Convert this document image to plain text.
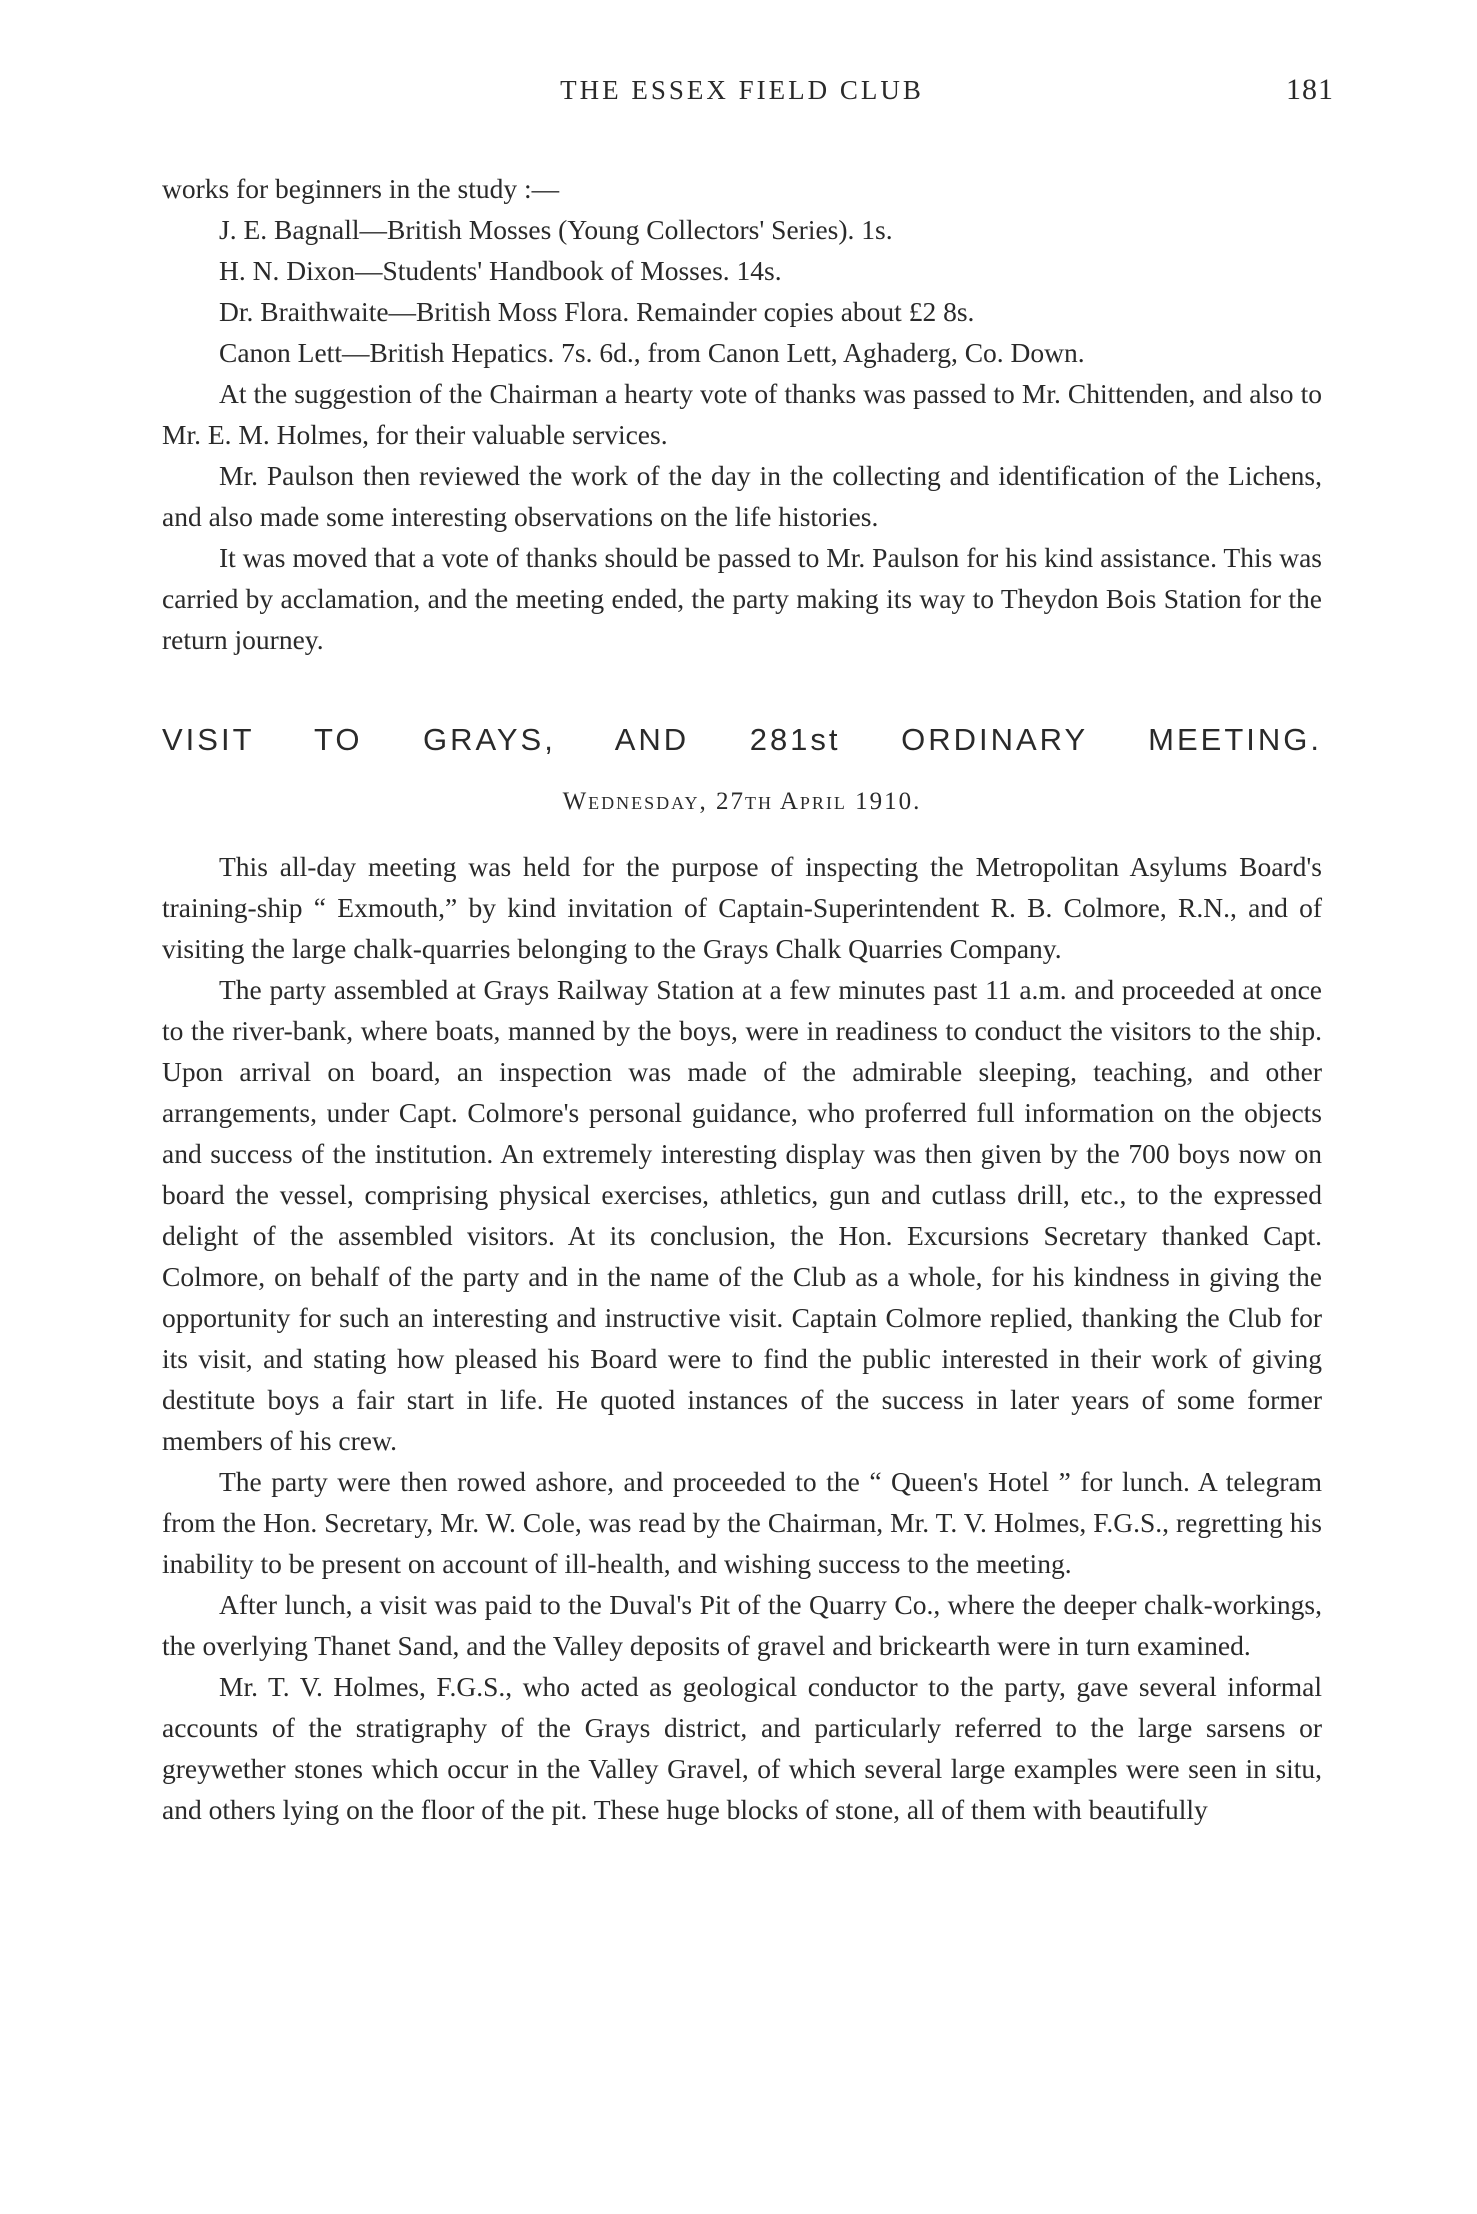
THE ESSEX FIELD CLUB	181

works for beginners in the study :—

J. E. Bagnall—British Mosses (Young Collectors' Series). 1s.
H. N. Dixon—Students' Handbook of Mosses. 14s.
Dr. Braithwaite—British Moss Flora. Remainder copies about £2 8s.
Canon Lett—British Hepatics. 7s. 6d., from Canon Lett, Aghaderg, Co. Down.

At the suggestion of the Chairman a hearty vote of thanks was passed to Mr. Chittenden, and also to Mr. E. M. Holmes, for their valuable services.

Mr. Paulson then reviewed the work of the day in the collecting and identification of the Lichens, and also made some interesting observations on the life histories.

It was moved that a vote of thanks should be passed to Mr. Paulson for his kind assistance. This was carried by acclamation, and the meeting ended, the party making its way to Theydon Bois Station for the return journey.

VISIT TO GRAYS, AND 281st ORDINARY MEETING.
Wednesday, 27th April 1910.

This all-day meeting was held for the purpose of inspecting the Metropolitan Asylums Board's training-ship “ Exmouth,” by kind invitation of Captain-Superintendent R. B. Colmore, R.N., and of visiting the large chalk-quarries belonging to the Grays Chalk Quarries Company.

The party assembled at Grays Railway Station at a few minutes past 11 a.m. and proceeded at once to the river-bank, where boats, manned by the boys, were in readiness to conduct the visitors to the ship. Upon arrival on board, an inspection was made of the admirable sleeping, teaching, and other arrangements, under Capt. Colmore's personal guidance, who proferred full information on the objects and success of the institution. An extremely interesting display was then given by the 700 boys now on board the vessel, comprising physical exercises, athletics, gun and cutlass drill, etc., to the expressed delight of the assembled visitors. At its conclusion, the Hon. Excursions Secretary thanked Capt. Colmore, on behalf of the party and in the name of the Club as a whole, for his kindness in giving the opportunity for such an interesting and instructive visit. Captain Colmore replied, thanking the Club for its visit, and stating how pleased his Board were to find the public interested in their work of giving destitute boys a fair start in life. He quoted instances of the success in later years of some former members of his crew.

The party were then rowed ashore, and proceeded to the “ Queen's Hotel ” for lunch. A telegram from the Hon. Secretary, Mr. W. Cole, was read by the Chairman, Mr. T. V. Holmes, F.G.S., regretting his inability to be present on account of ill-health, and wishing success to the meeting.

After lunch, a visit was paid to the Duval's Pit of the Quarry Co., where the deeper chalk-workings, the overlying Thanet Sand, and the Valley deposits of gravel and brickearth were in turn examined.

Mr. T. V. Holmes, F.G.S., who acted as geological conductor to the party, gave several informal accounts of the stratigraphy of the Grays district, and particularly referred to the large sarsens or greywether stones which occur in the Valley Gravel, of which several large examples were seen in situ, and others lying on the floor of the pit. These huge blocks of stone, all of them with beautifully
